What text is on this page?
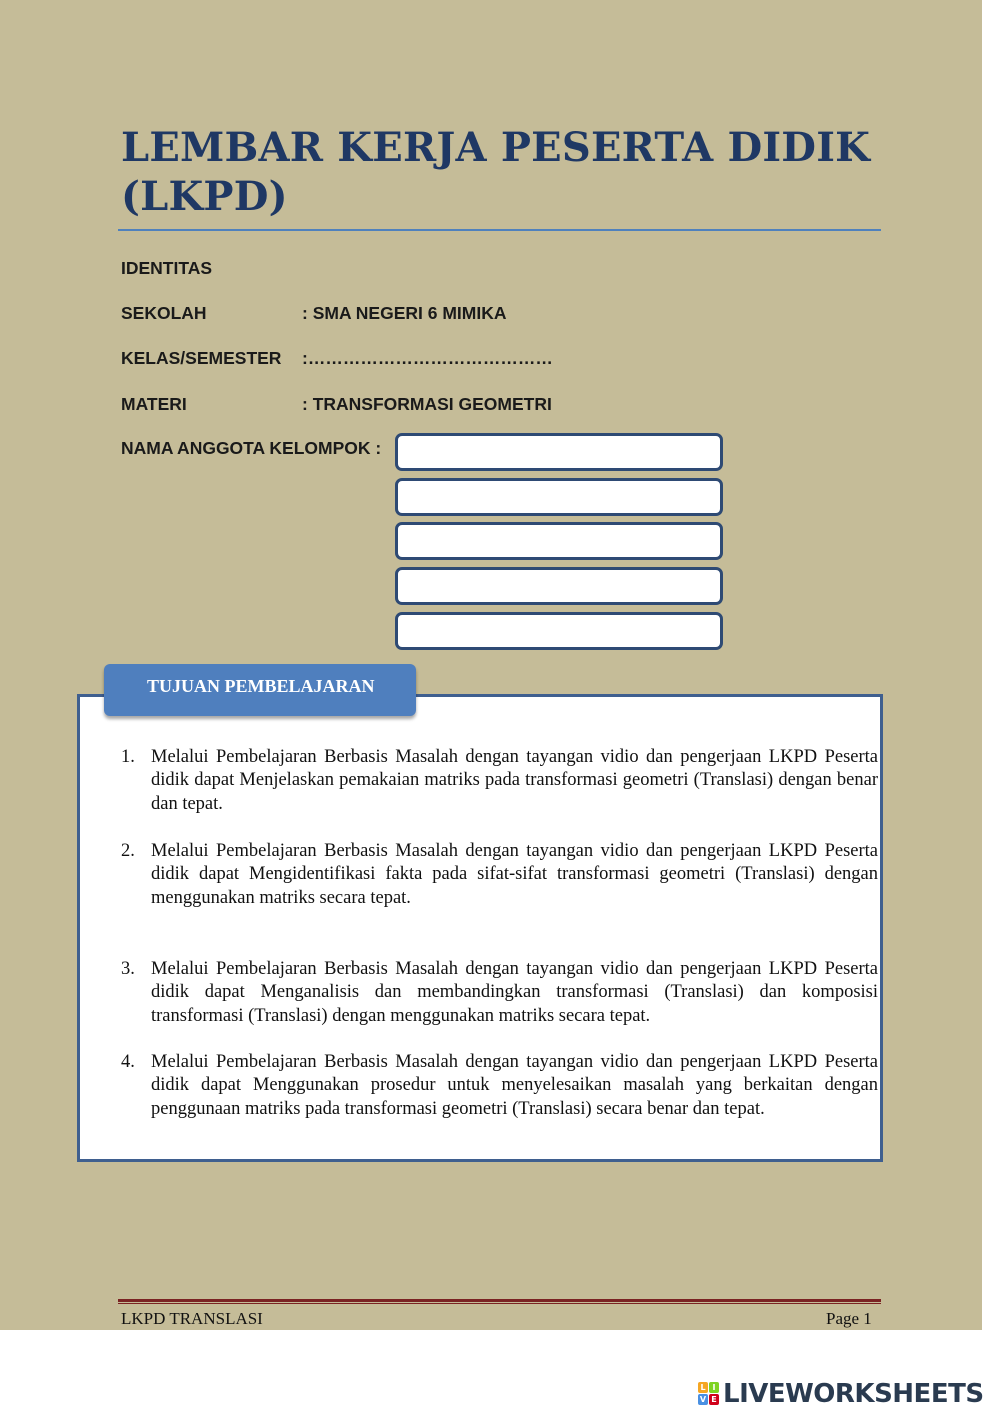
LEMBAR KERJA PESERTA DIDIK (LKPD)
IDENTITAS
SEKOLAH	: SMA NEGERI 6 MIMIKA
KELAS/SEMESTER :……………………………………
MATERI	: TRANSFORMASI GEOMETRI
NAMA ANGGOTA KELOMPOK :
TUJUAN PEMBELAJARAN
1. Melalui Pembelajaran Berbasis Masalah dengan tayangan vidio dan pengerjaan LKPD Peserta didik dapat Menjelaskan pemakaian matriks pada transformasi geometri (Translasi) dengan benar dan tepat.
2. Melalui Pembelajaran Berbasis Masalah dengan tayangan vidio dan pengerjaan LKPD Peserta didik dapat Mengidentifikasi fakta pada sifat-sifat transformasi geometri (Translasi) dengan menggunakan matriks secara tepat.
3. Melalui Pembelajaran Berbasis Masalah dengan tayangan vidio dan pengerjaan LKPD Peserta didik dapat Menganalisis dan membandingkan transformasi (Translasi) dan komposisi transformasi (Translasi) dengan menggunakan matriks secara tepat.
4. Melalui Pembelajaran Berbasis Masalah dengan tayangan vidio dan pengerjaan LKPD Peserta didik dapat Menggunakan prosedur untuk menyelesaikan masalah yang berkaitan dengan penggunaan matriks pada transformasi geometri (Translasi) secara benar dan tepat.
LKPD TRANSLASI	Page 1
L I
V E LIVEWORKSHEETS
